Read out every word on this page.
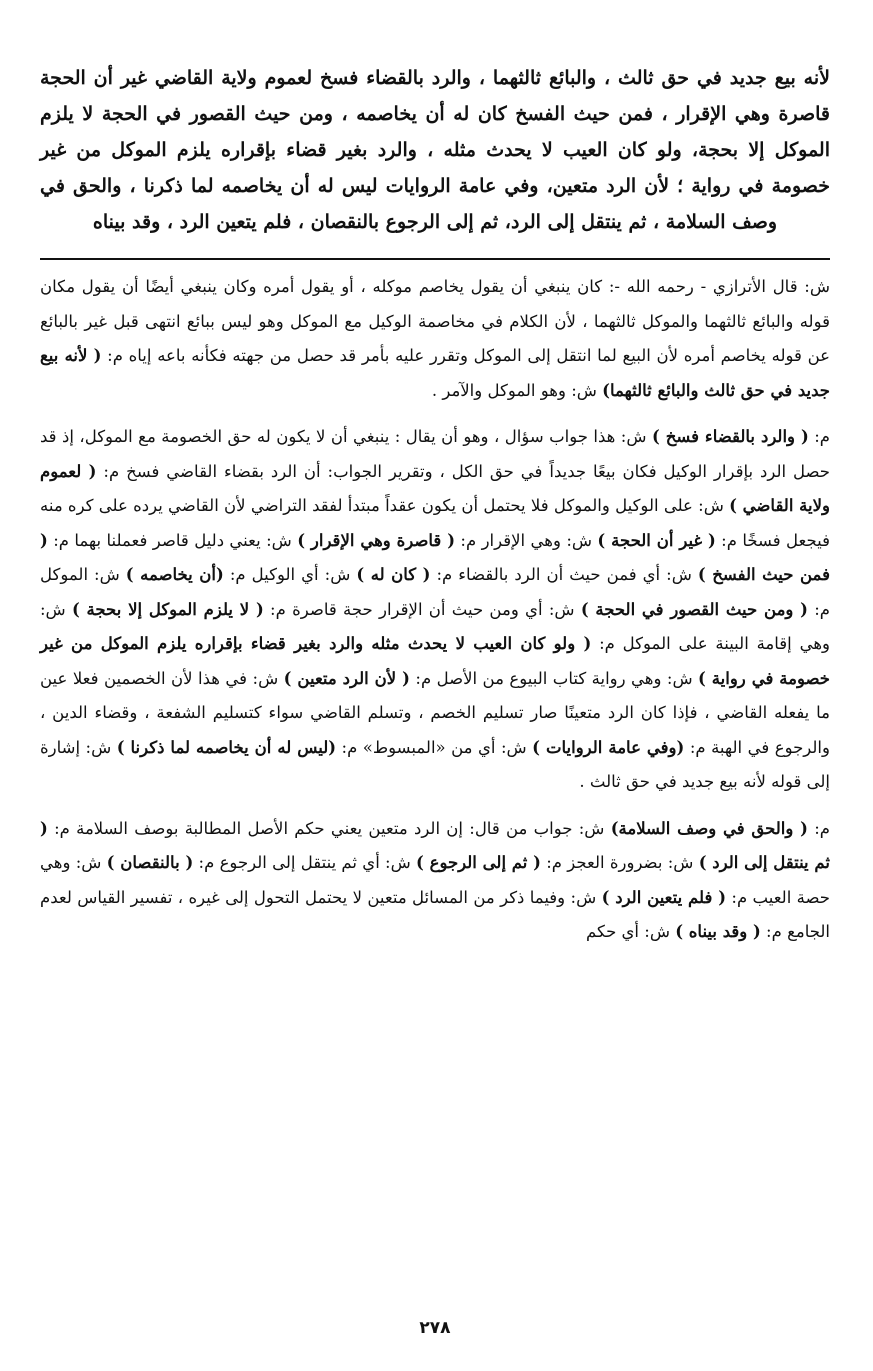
لأنه بيع جديد في حق ثالث ، والبائع ثالثهما ، والرد بالقضاء فسخ لعموم ولاية القاضي غير أن الحجة قاصرة وهي الإقرار ، فمن حيث الفسخ كان له أن يخاصمه ، ومن حيث القصور في الحجة لا يلزم الموكل إلا بحجة، ولو كان العيب لا يحدث مثله ، والرد بغير قضاء بإقراره يلزم الموكل من غير خصومة في رواية ؛ لأن الرد متعين، وفي عامة الروايات ليس له أن يخاصمه لما ذكرنا ، والحق في وصف السلامة ، ثم ينتقل إلى الرد، ثم إلى الرجوع بالنقصان ، فلم يتعين الرد ، وقد بيناه

ش: قال الأترازي - رحمه الله -: كان ينبغي أن يقول يخاصم موكله ، أو يقول أمره وكان ينبغي أيضًا أن يقول مكان قوله والبائع ثالثهما والموكل ثالثهما ، لأن الكلام في مخاصمة الوكيل مع الموكل وهو ليس ببائع انتهى قبل غير بالبائع عن قوله يخاصم أمره لأن البيع لما انتقل إلى الموكل وتقرر عليه بأمر قد حصل من جهته فكأنه باعه إياه م: ( لأنه بيع جديد في حق ثالث والبائع ثالثهما) ش: وهو الموكل والآمر .

م: ( والرد بالقضاء فسخ ) ش: هذا جواب سؤال ، وهو أن يقال : ينبغي أن لا يكون له حق الخصومة مع الموكل، إذ قد حصل الرد بإقرار الوكيل فكان بيعًا جديداً في حق الكل ، وتقرير الجواب: أن الرد بقضاء القاضي فسخ م: ( لعموم ولاية القاضي ) ش: على الوكيل والموكل فلا يحتمل أن يكون عقداً مبتدأ لفقد التراضي لأن القاضي يرده على كره منه فيجعل فسخًا م: ( غير أن الحجة ) ش: وهي الإقرار م: ( قاصرة وهي الإقرار ) ش: يعني دليل قاصر فعملنا بهما م: ( فمن حيث الفسخ ) ش: أي فمن حيث أن الرد بالقضاء م: ( كان له ) ش: أي الوكيل م: (أن يخاصمه ) ش: الموكل م: ( ومن حيث القصور في الحجة ) ش: أي ومن حيث أن الإقرار حجة قاصرة م: ( لا يلزم الموكل إلا بحجة ) ش: وهي إقامة البينة على الموكل م: ( ولو كان العيب لا يحدث مثله والرد بغير قضاء بإقراره يلزم الموكل من غير خصومة في رواية ) ش: وهي رواية كتاب البيوع من الأصل م: ( لأن الرد متعين ) ش: في هذا لأن الخصمين فعلا عين ما يفعله القاضي ، فإذا كان الرد متعينًا صار تسليم الخصم ، وتسلم القاضي سواء كتسليم الشفعة ، وقضاء الدين ، والرجوع في الهبة م: (وفي عامة الروايات ) ش: أي من «المبسوط» م: (ليس له أن يخاصمه لما ذكرنا ) ش: إشارة إلى قوله لأنه بيع جديد في حق ثالث .

م: ( والحق في وصف السلامة) ش: جواب من قال: إن الرد متعين يعني حكم الأصل المطالبة بوصف السلامة م: ( ثم ينتقل إلى الرد ) ش: بضرورة العجز م: ( ثم إلى الرجوع ) ش: أي ثم ينتقل إلى الرجوع م: ( بالنقصان ) ش: وهي حصة العيب م: ( فلم يتعين الرد ) ش: وفيما ذكر من المسائل متعين لا يحتمل التحول إلى غيره ، تفسير القياس لعدم الجامع م: ( وقد بيناه ) ش: أي حكم

٢٧٨
